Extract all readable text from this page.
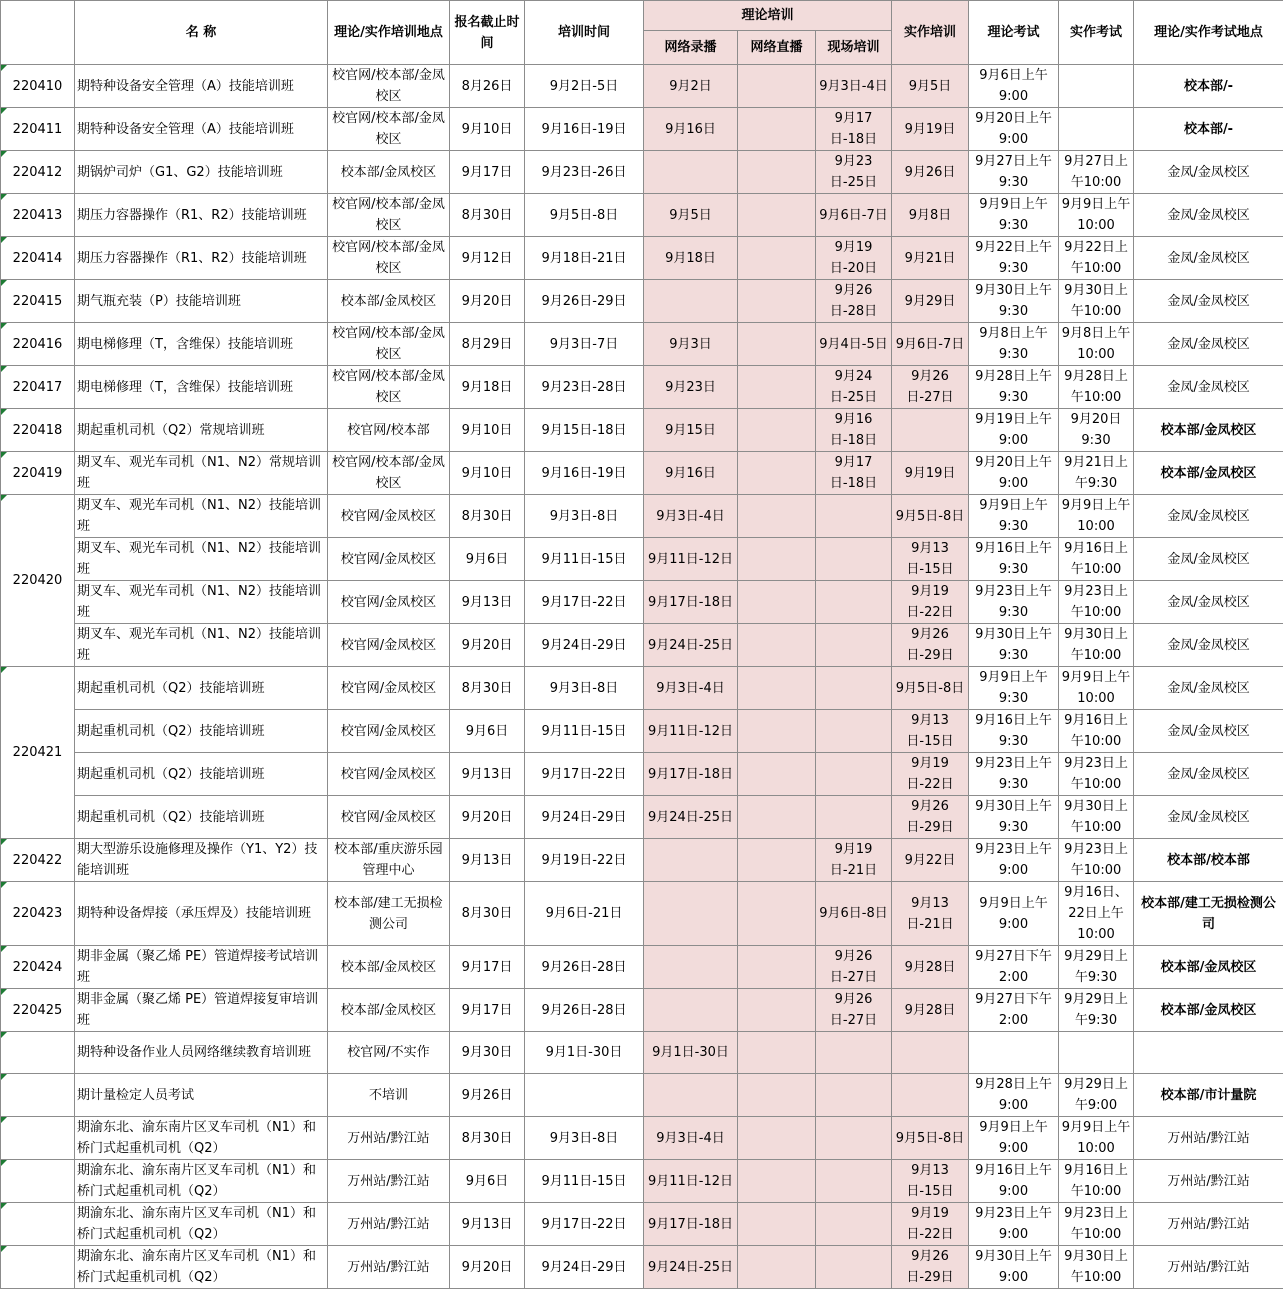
	名 称	理论/实作培训地点	报名截止时间	培训时间	理论培训			实作培训	理论考试	实作考试	理论/实作考试地点
					网络录播	网络直播	现场培训				
220410	期特种设备安全管理（A）技能培训班	校官网/校本部/金凤校区	8月26日	9月2日-5日	9月2日		9月3日-4日	9月5日	9月6日上午9:00		校本部/-
220411	期特种设备安全管理（A）技能培训班	校官网/校本部/金凤校区	9月10日	9月16日-19日	9月16日		9月17日-18日	9月19日	9月20日上午9:00		校本部/-
220412	期锅炉司炉（G1、G2）技能培训班	校本部/金凤校区	9月17日	9月23日-26日			9月23日-25日	9月26日	9月27日上午9:30	9月27日上午10:00	金凤/金凤校区
220413	期压力容器操作（R1、R2）技能培训班	校官网/校本部/金凤校区	8月30日	9月5日-8日	9月5日		9月6日-7日	9月8日	9月9日上午9:30	9月9日上午10:00	金凤/金凤校区
220414	期压力容器操作（R1、R2）技能培训班	校官网/校本部/金凤校区	9月12日	9月18日-21日	9月18日		9月19日-20日	9月21日	9月22日上午9:30	9月22日上午10:00	金凤/金凤校区
220415	期气瓶充装（P）技能培训班	校本部/金凤校区	9月20日	9月26日-29日			9月26日-28日	9月29日	9月30日上午9:30	9月30日上午10:00	金凤/金凤校区
220416	期电梯修理（T，含维保）技能培训班	校官网/校本部/金凤校区	8月29日	9月3日-7日	9月3日		9月4日-5日	9月6日-7日	9月8日上午9:30	9月8日上午10:00	金凤/金凤校区
220417	期电梯修理（T，含维保）技能培训班	校官网/校本部/金凤校区	9月18日	9月23日-28日	9月23日		9月24日-25日	9月26日-27日	9月28日上午9:30	9月28日上午10:00	金凤/金凤校区
220418	期起重机司机（Q2）常规培训班	校官网/校本部	9月10日	9月15日-18日	9月15日		9月16日-18日		9月19日上午9:00	9月20日9:30	校本部/金凤校区
220419	期叉车、观光车司机（N1、N2）常规培训班	校官网/校本部/金凤校区	9月10日	9月16日-19日	9月16日		9月17日-18日	9月19日	9月20日上午9:00	9月21日上午9:30	校本部/金凤校区
220420	期叉车、观光车司机（N1、N2）技能培训班	校官网/金凤校区	8月30日	9月3日-8日	9月3日-4日			9月5日-8日	9月9日上午9:30	9月9日上午10:00	金凤/金凤校区
	期叉车、观光车司机（N1、N2）技能培训班	校官网/金凤校区	9月6日	9月11日-15日	9月11日-12日			9月13日-15日	9月16日上午9:30	9月16日上午10:00	金凤/金凤校区
	期叉车、观光车司机（N1、N2）技能培训班	校官网/金凤校区	9月13日	9月17日-22日	9月17日-18日			9月19日-22日	9月23日上午9:30	9月23日上午10:00	金凤/金凤校区
	期叉车、观光车司机（N1、N2）技能培训班	校官网/金凤校区	9月20日	9月24日-29日	9月24日-25日			9月26日-29日	9月30日上午9:30	9月30日上午10:00	金凤/金凤校区
220421	期起重机司机（Q2）技能培训班	校官网/金凤校区	8月30日	9月3日-8日	9月3日-4日			9月5日-8日	9月9日上午9:30	9月9日上午10:00	金凤/金凤校区
	期起重机司机（Q2）技能培训班	校官网/金凤校区	9月6日	9月11日-15日	9月11日-12日			9月13日-15日	9月16日上午9:30	9月16日上午10:00	金凤/金凤校区
	期起重机司机（Q2）技能培训班	校官网/金凤校区	9月13日	9月17日-22日	9月17日-18日			9月19日-22日	9月23日上午9:30	9月23日上午10:00	金凤/金凤校区
	期起重机司机（Q2）技能培训班	校官网/金凤校区	9月20日	9月24日-29日	9月24日-25日			9月26日-29日	9月30日上午9:30	9月30日上午10:00	金凤/金凤校区
220422	期大型游乐设施修理及操作（Y1、Y2）技能培训班	校本部/重庆游乐园管理中心	9月13日	9月19日-22日			9月19日-21日	9月22日	9月23日上午9:00	9月23日上午10:00	校本部/校本部
220423	期特种设备焊接（承压焊及）技能培训班	校本部/建工无损检测公司	8月30日	9月6日-21日			9月6日-8日	9月13日-21日	9月9日上午9:00	9月16日、22日上午10:00	校本部/建工无损检测公司
220424	期非金属（聚乙烯 PE）管道焊接考试培训班	校本部/金凤校区	9月17日	9月26日-28日			9月26日-27日	9月28日	9月27日下午2:00	9月29日上午9:30	校本部/金凤校区
220425	期非金属（聚乙烯 PE）管道焊接复审培训班	校本部/金凤校区	9月17日	9月26日-28日			9月26日-27日	9月28日	9月27日下午2:00	9月29日上午9:30	校本部/金凤校区
	期特种设备作业人员网络继续教育培训班	校官网/不实作	9月30日	9月1日-30日	9月1日-30日						
	期计量检定人员考试	不培训	9月26日						9月28日上午9:00	9月29日上午9:00	校本部/市计量院
	期渝东北、渝东南片区叉车司机（N1）和桥门式起重机司机（Q2）	万州站/黔江站	8月30日	9月3日-8日	9月3日-4日			9月5日-8日	9月9日上午9:00	9月9日上午10:00	万州站/黔江站
	期渝东北、渝东南片区叉车司机（N1）和桥门式起重机司机（Q2）	万州站/黔江站	9月6日	9月11日-15日	9月11日-12日			9月13日-15日	9月16日上午9:00	9月16日上午10:00	万州站/黔江站
	期渝东北、渝东南片区叉车司机（N1）和桥门式起重机司机（Q2）	万州站/黔江站	9月13日	9月17日-22日	9月17日-18日			9月19日-22日	9月23日上午9:00	9月23日上午10:00	万州站/黔江站
	期渝东北、渝东南片区叉车司机（N1）和桥门式起重机司机（Q2）	万州站/黔江站	9月20日	9月24日-29日	9月24日-25日			9月26日-29日	9月30日上午9:00	9月30日上午10:00	万州站/黔江站
